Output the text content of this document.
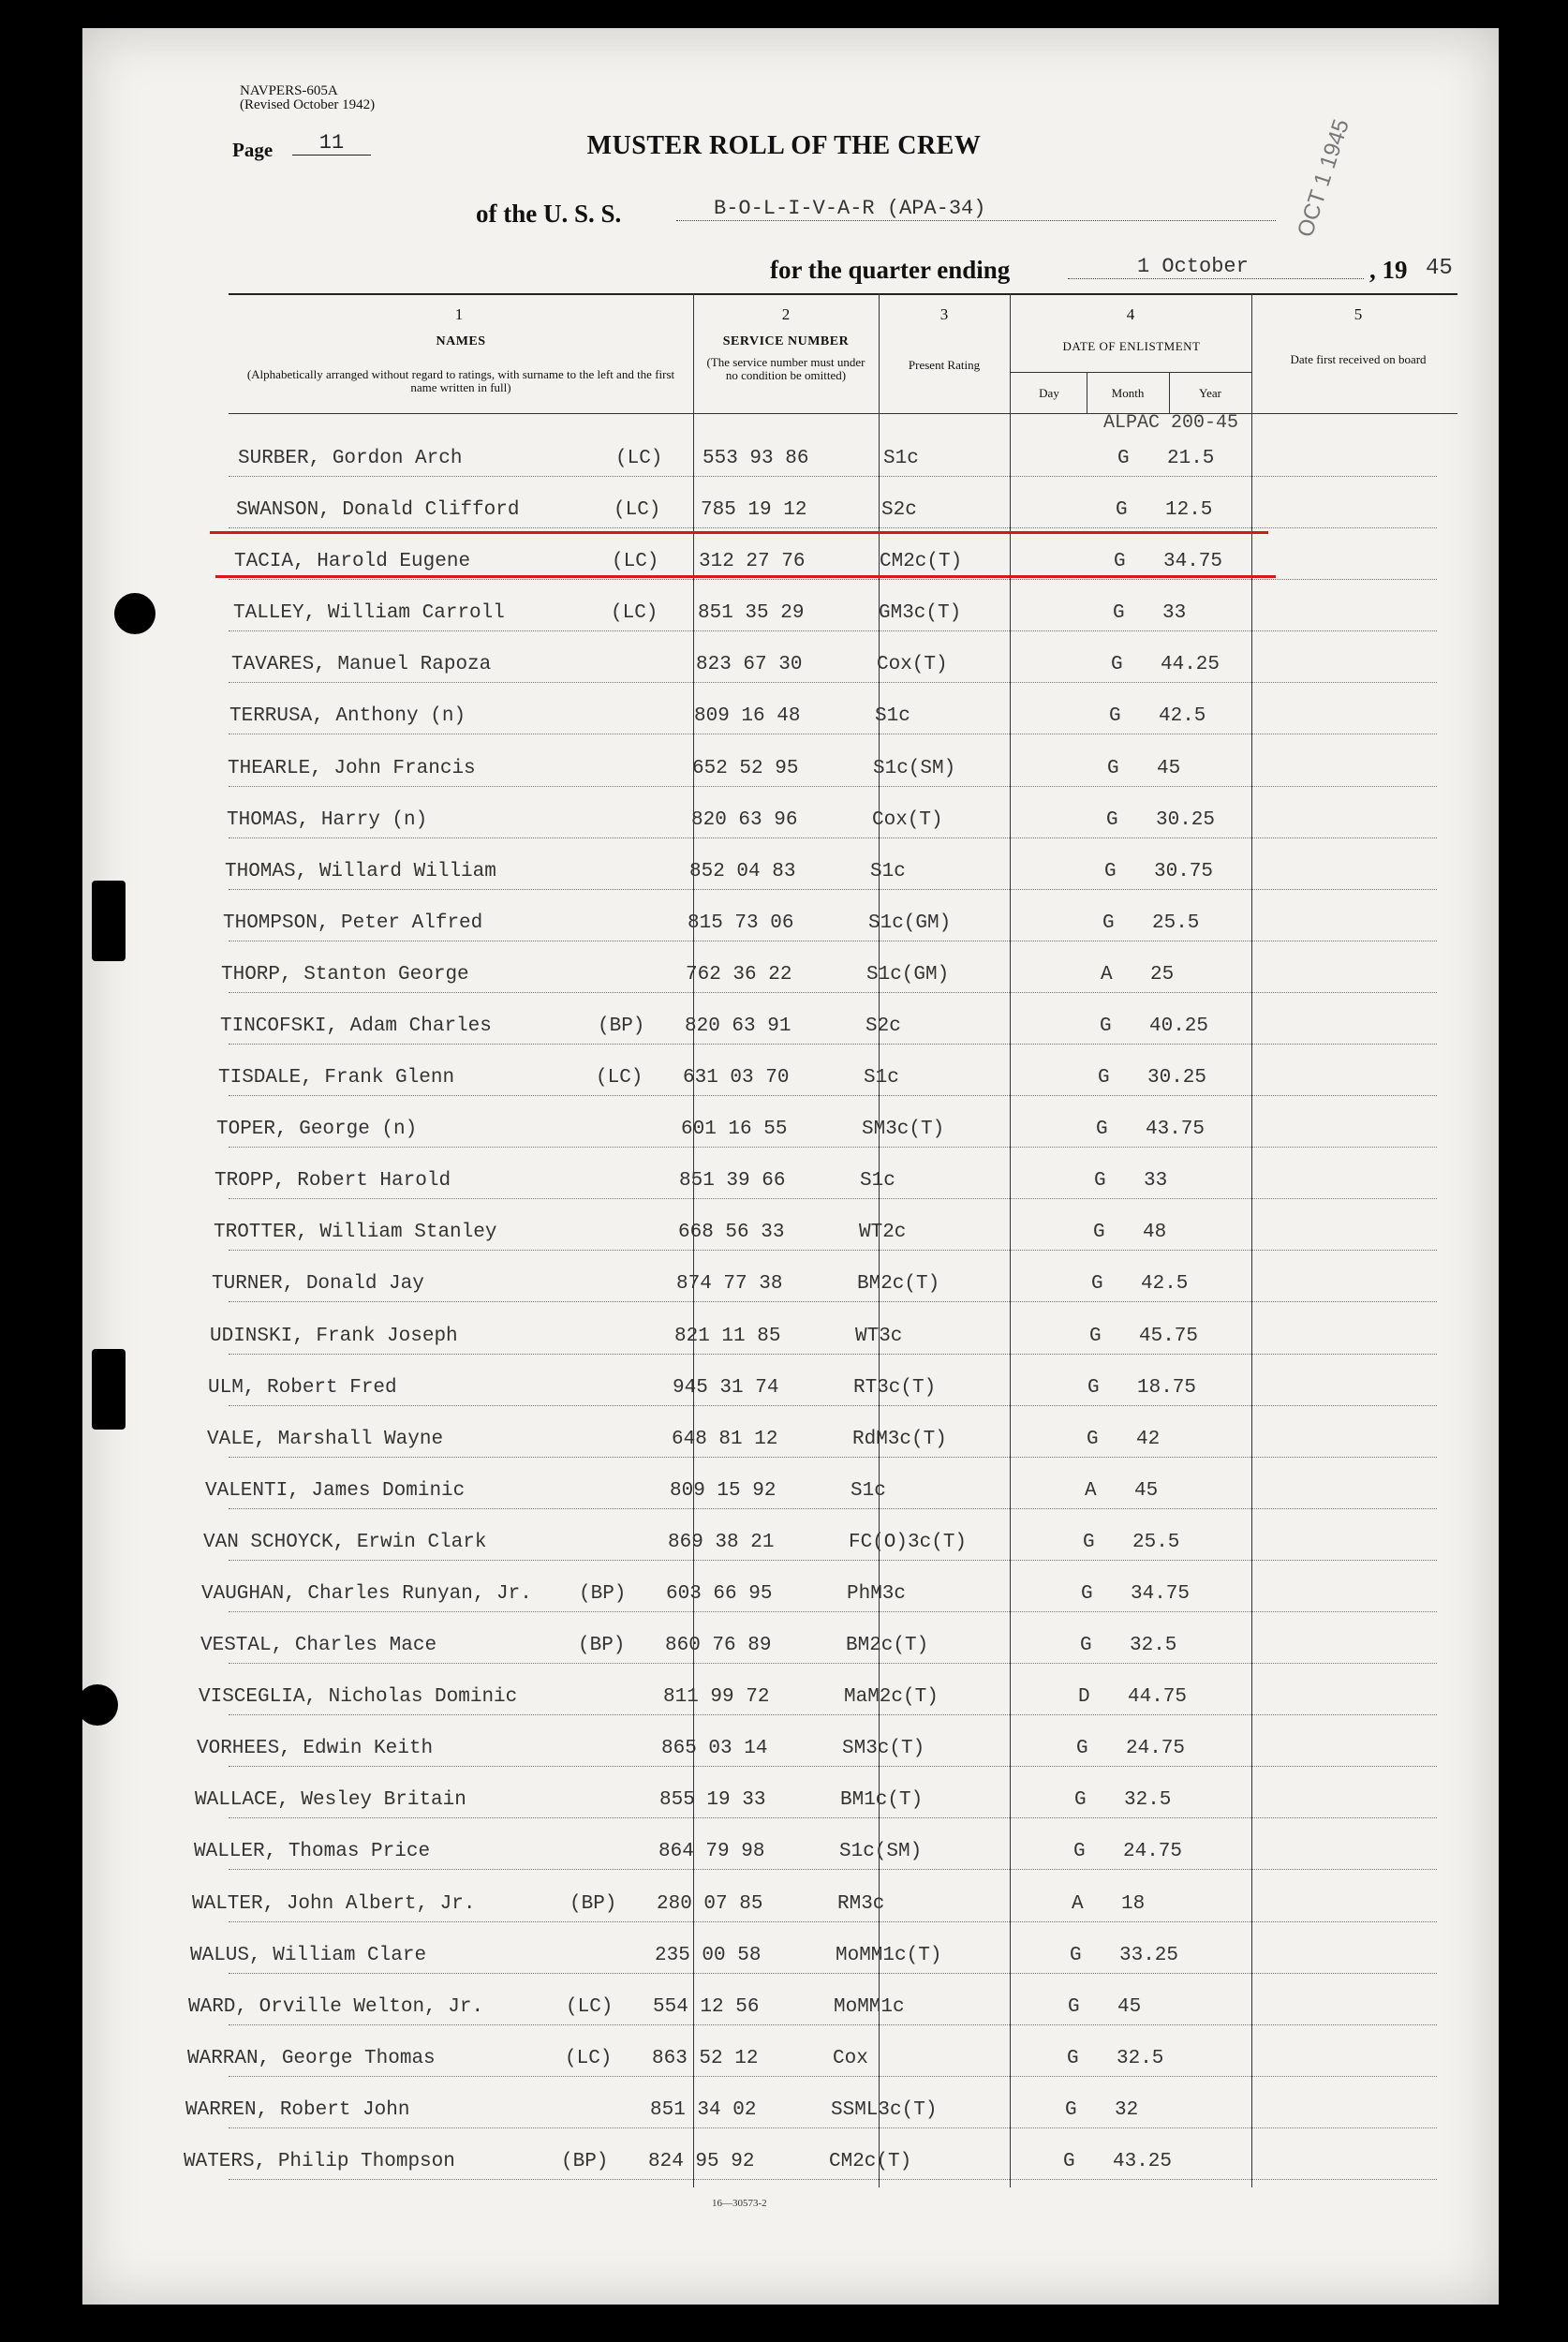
NAVPERS-605A
(Revised October 1942)
Page	11	MUSTER ROLL OF THE CREW
of the U. S. S.	B-O-L-I-V-A-R (APA-34)	OCT 1 1945
for the quarter ending	1 October	, 19 45
1
NAMES
(Alphabetically arranged without regard to ratings, with surname to the left and the first name written in full)
2
SERVICE NUMBER
(The service number must under no condition be omitted)
3
Present Rating
4
DATE OF ENLISTMENT
Day	Month	Year
5
Date first received on board
ALPAC 200-45
SURBER, Gordon Arch	(LC) 553 93 86	S1c	G 21.5
SWANSON, Donald Clifford	(LC) 785 19 12	S2c	G 12.5
TACIA, Harold Eugene	(LC) 312 27 76	CM2c(T)	G 34.75
TALLEY, William Carroll	(LC) 851 35 29	GM3c(T)	G 33
TAVARES, Manuel Rapoza	823 67 30	Cox(T)	G 44.25
TERRUSA, Anthony (n)	809 16 48	S1c	G 42.5
THEARLE, John Francis	652 52 95	S1c(SM)	G 45
THOMAS, Harry (n)	820 63 96	Cox(T)	G 30.25
THOMAS, Willard William	852 04 83	S1c	G 30.75
THOMPSON, Peter Alfred	815 73 06	S1c(GM)	G 25.5
THORP, Stanton George	762 36 22	S1c(GM)	A 25
TINCOFSKI, Adam Charles	(BP) 820 63 91	S2c	G 40.25
TISDALE, Frank Glenn	(LC) 631 03 70	S1c	G 30.25
TOPER, George (n)	601 16 55	SM3c(T)	G 43.75
TROPP, Robert Harold	851 39 66	S1c	G 33
TROTTER, William Stanley	668 56 33	WT2c	G 48
TURNER, Donald Jay	874 77 38	BM2c(T)	G 42.5
UDINSKI, Frank Joseph	821 11 85	WT3c	G 45.75
ULM, Robert Fred	945 31 74	RT3c(T)	G 18.75
VALE, Marshall Wayne	648 81 12	RdM3c(T)	G 42
VALENTI, James Dominic	809 15 92	S1c	A 45
VAN SCHOYCK, Erwin Clark	869 38 21	FC(O)3c(T)	G 25.5
VAUGHAN, Charles Runyan, Jr. (BP) 603 66 95	PhM3c	G 34.75
VESTAL, Charles Mace	(BP) 860 76 89	BM2c(T)	G 32.5
VISCEGLIA, Nicholas Dominic	811 99 72	MaM2c(T)	D 44.75
VORHEES, Edwin Keith	865 03 14	SM3c(T)	G 24.75
WALLACE, Wesley Britain	855 19 33	BM1c(T)	G 32.5
WALLER, Thomas Price	864 79 98	S1c(SM)	G 24.75
WALTER, John Albert, Jr.	(BP) 280 07 85	RM3c	A 18
WALUS, William Clare	235 00 58	MoMM1c(T)	G 33.25
WARD, Orville Welton, Jr.	(LC) 554 12 56	MoMM1c	G 45
WARRAN, George Thomas	(LC) 863 52 12	Cox	G 32.5
WARREN, Robert John	851 34 02	SSML3c(T)	G 32
WATERS, Philip Thompson	(BP) 824 95 92	CM2c(T)	G 43.25
16—30573-2
